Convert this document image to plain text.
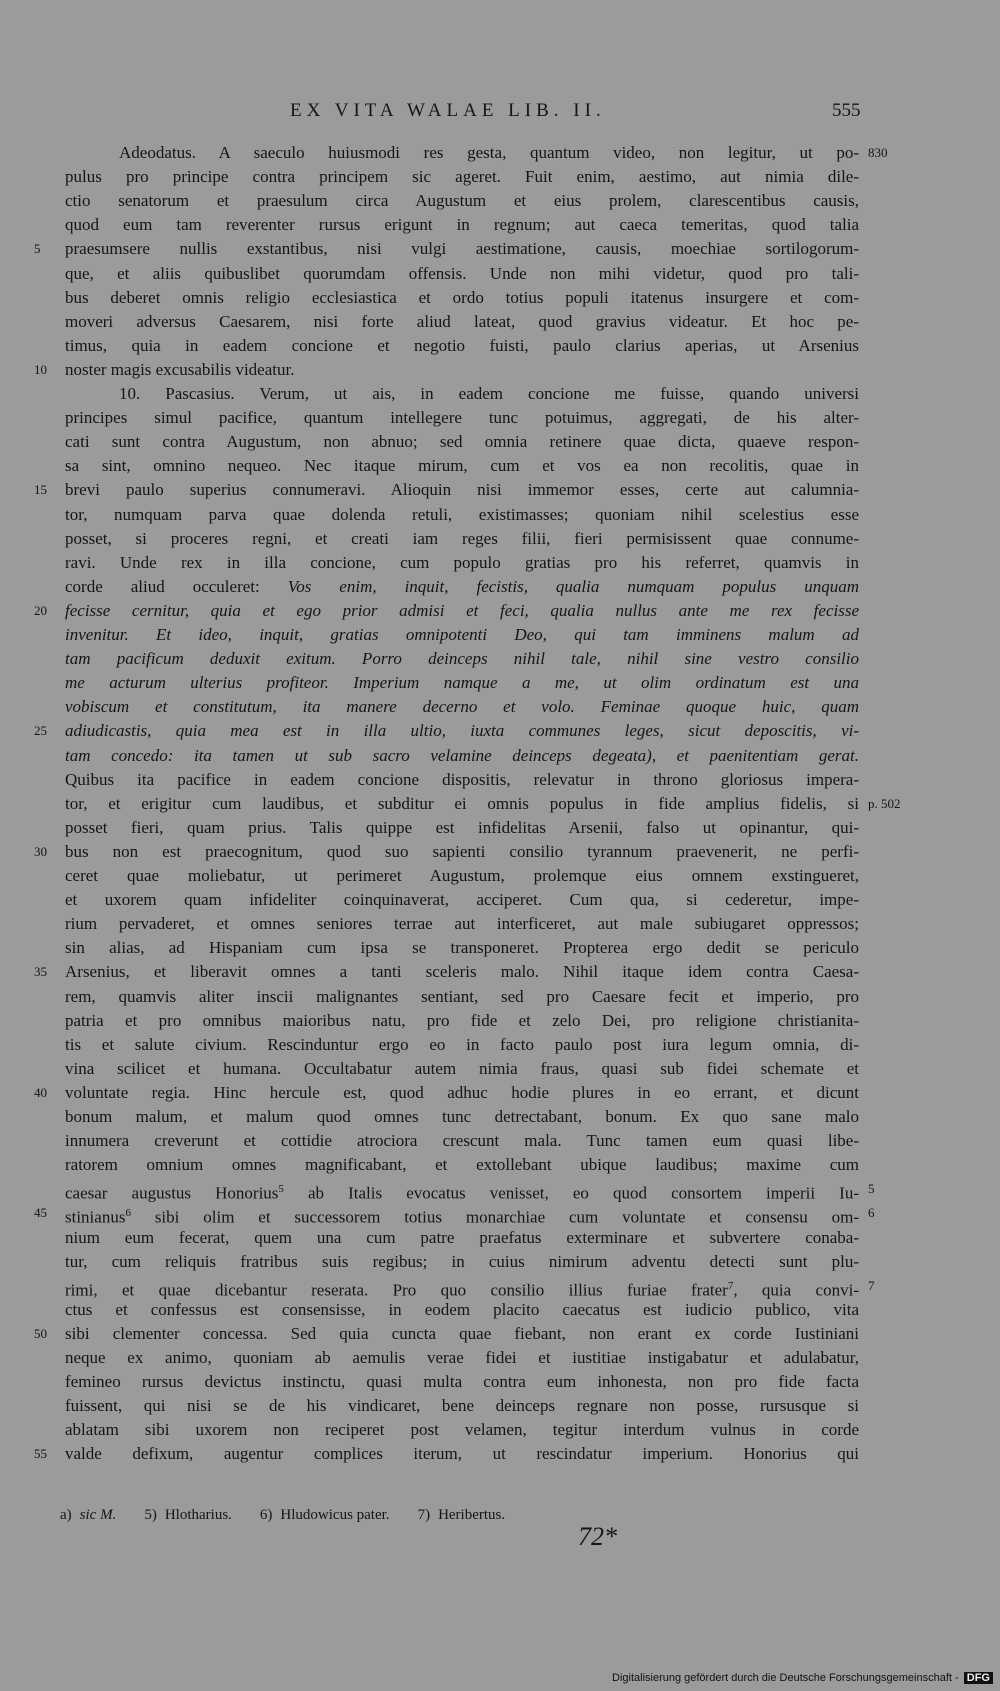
EX VITA WALAE LIB. II.	555
830
Adeodatus. A saeculo huiusmodi res gesta, quantum video, non legitur, ut po-
pulus pro principe contra principem sic ageret. Fuit enim, aestimo, aut nimia dile-
ctio senatorum et praesulum circa Augustum et eius prolem, clarescentibus causis,
quod eum tam reverenter rursus erigunt in regnum; aut caeca temeritas, quod talia
5	praesumsere nullis exstantibus, nisi vulgi aestimatione, causis, moechiae sortilogorum-
que, et aliis quibuslibet quorumdam offensis. Unde non mihi videtur, quod pro tali-
bus deberet omnis religio ecclesiastica et ordo totius populi itatenus insurgere et com-
moveri adversus Caesarem, nisi forte aliud lateat, quod gravius videatur. Et hoc pe-
timus, quia in eadem concione et negotio fuisti, paulo clarius aperias, ut Arsenius
10	noster magis excusabilis videatur.
10. Pascasius. Verum, ut ais, in eadem concione me fuisse, quando universi
principes simul pacifice, quantum intellegere tunc potuimus, aggregati, de his alter-
cati sunt contra Augustum, non abnuo; sed omnia retinere quae dicta, quaeve respon-
sa sint, omnino nequeo. Nec itaque mirum, cum et vos ea non recolitis, quae in
15	brevi paulo superius connumeravi. Alioquin nisi immemor esses, certe aut calumnia-
tor, numquam parva quae dolenda retuli, existimasses; quoniam nihil scelestius esse
posset, si proceres regni, et creati iam reges filii, fieri permisissent quae connume-
ravi. Unde rex in illa concione, cum populo gratias pro his referret, quamvis in
corde aliud occuleret: Vos enim, inquit, fecistis, qualia numquam populus unquam
20	fecisse cernitur, quia et ego prior admisi et feci, qualia nullus ante me rex fecisse
invenitur. Et ideo, inquit, gratias omnipotenti Deo, qui tam imminens malum ad
tam pacificum deduxit exitum. Porro deinceps nihil tale, nihil sine vestro consilio
me acturum ulterius profiteor. Imperium namque a me, ut olim ordinatum est una
vobiscum et constitutum, ita manere decerno et volo. Feminae quoque huic, quam
25	adiudicastis, quia mea est in illa ultio, iuxta communes leges, sicut deposcitis, vi-
tam concedo: ita tamen ut sub sacro velamine deinceps degeata), et paenitentiam gerat.
Quibus ita pacifice in eadem concione dispositis, relevatur in throno gloriosus impera-
p. 502
tor, et erigitur cum laudibus, et subditur ei omnis populus in fide amplius fidelis, si
posset fieri, quam prius. Talis quippe est infidelitas Arsenii, falso ut opinantur, qui-
30	bus non est praecognitum, quod suo sapienti consilio tyrannum praevenerit, ne perfi-
ceret quae moliebatur, ut perimeret Augustum, prolemque eius omnem exstingueret,
et uxorem quam infideliter coinquinaverat, acciperet. Cum qua, si cederetur, impe-
rium pervaderet, et omnes seniores terrae aut interficeret, aut male subiugaret oppressos;
sin alias, ad Hispaniam cum ipsa se transponeret. Propterea ergo dedit se periculo
35	Arsenius, et liberavit omnes a tanti sceleris malo. Nihil itaque idem contra Caesa-
rem, quamvis aliter inscii malignantes sentiant, sed pro Caesare fecit et imperio, pro
patria et pro omnibus maioribus natu, pro fide et zelo Dei, pro religione christianita-
tis et salute civium. Rescinduntur ergo eo in facto paulo post iura legum omnia, di-
vina scilicet et humana. Occultabatur autem nimia fraus, quasi sub fidei schemate et
40	voluntate regia. Hinc hercule est, quod adhuc hodie plures in eo errant, et dicunt
bonum malum, et malum quod omnes tunc detrectabant, bonum. Ex quo sane malo
innumera creverunt et cottidie atrociora crescunt mala. Tunc tamen eum quasi libe-
ratorem omnium omnes magnificabant, et extollebant ubique laudibus; maxime cum
5
caesar augustus Honorius$^5$ ab Italis evocatus venisset, eo quod consortem imperii Iu-
45	6
stinianus$^6$ sibi olim et successorem totius monarchiae cum voluntate et consensu om-
nium eum fecerat, quem una cum patre praefatus exterminare et subvertere conaba-
tur, cum reliquis fratribus suis regibus; in cuius nimirum adventu detecti sunt plu-
7
rimi, et quae dicebantur reserata. Pro quo consilio illius furiae frater$^7$, quia convi-
ctus et confessus est consensisse, in eodem placito caecatus est iudicio publico, vita
50	sibi clementer concessa. Sed quia cuncta quae fiebant, non erant ex corde Iustiniani
neque ex animo, quoniam ab aemulis verae fidei et iustitiae instigabatur et adulabatur,
femineo rursus devictus instinctu, quasi multa contra eum inhonesta, non pro fide facta
fuissent, qui nisi se de his vindicaret, bene deinceps regnare non posse, rursusque si
ablatam sibi uxorem non reciperet post velamen, tegitur interdum vulnus in corde
55	valde defixum, augentur complices iterum, ut rescindatur imperium. Honorius qui
a) sic M. 5) Hlotharius. 6) Hludowicus pater. 7) Heribertus.
72*
Digitalisierung gefördert durch die Deutsche Forschungsgemeinschaft - DFG
